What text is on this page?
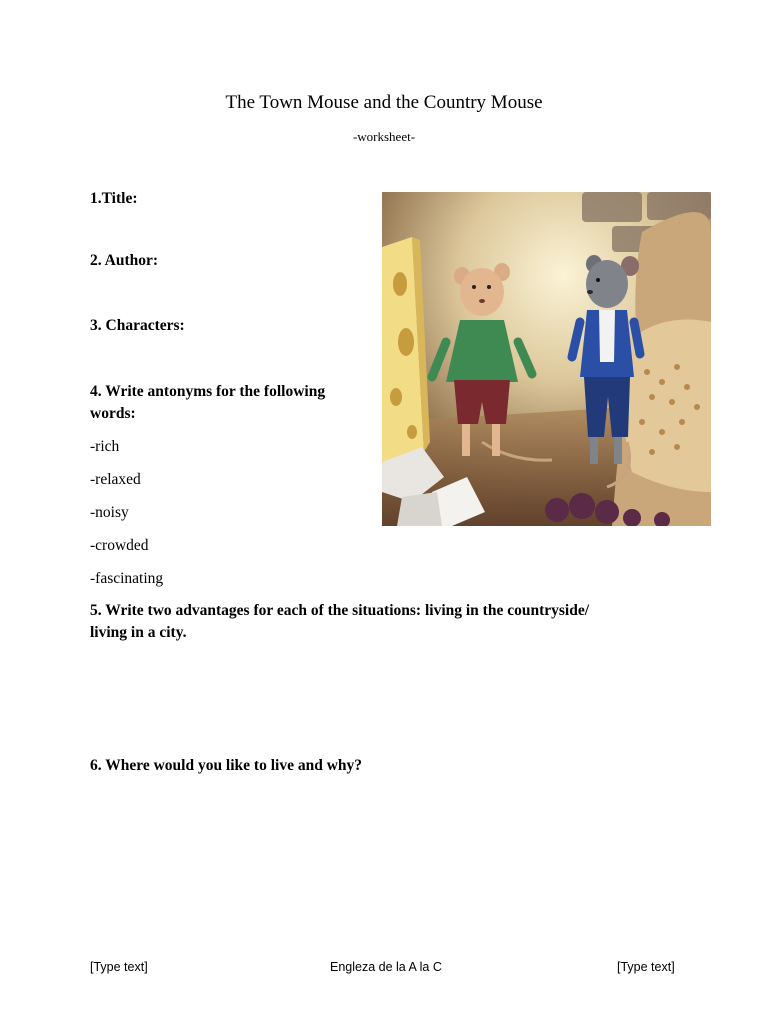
The Town Mouse and the Country Mouse
-worksheet-
1.Title:
2. Author:
3. Characters:
4. Write antonyms for the following
words:
-rich
-relaxed
-noisy
-crowded
-fascinating
5. Write two advantages for each of the situations: living in the countryside/
living in a city.
6. Where would you like to live and why?
[Type text]	Engleza de la A la C	[Type text]
